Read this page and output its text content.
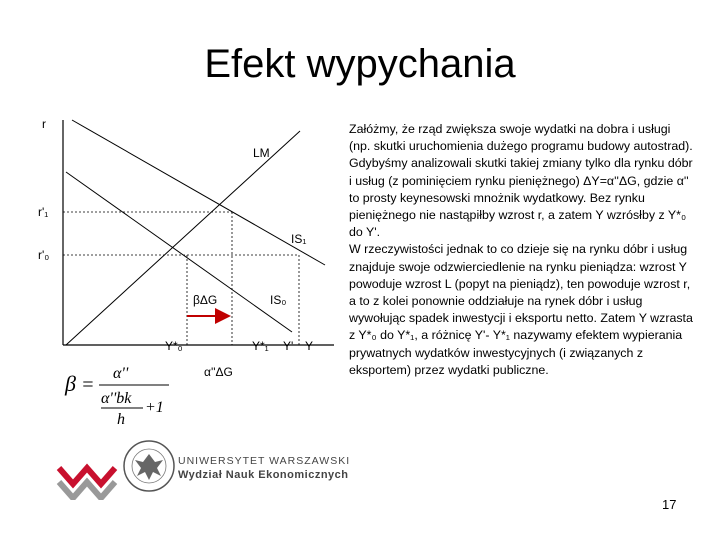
Efekt wypychania
r
LM
r'₁
r'₀
IS₁
IS₀
βΔG
Y*₀	Y*₁ Y' Y
α''ΔG
β =
α''
α''bk
h
+1

Załóżmy, że rząd zwiększa swoje wydatki na dobra i usługi (np. skutki uruchomienia dużego programu budowy autostrad).

Gdybyśmy analizowali skutki takiej zmiany tylko dla rynku dóbr i usług (z pominięciem rynku pieniężnego) ΔY=α''ΔG, gdzie α'' to prosty keynesowski mnożnik wydatkowy. Bez rynku pieniężnego nie nastąpiłby wzrost r, a zatem Y wzrósłby z Y*₀ do Y'.

W rzeczywistości jednak to co dzieje się na rynku dóbr i usług znajduje swoje odzwierciedlenie na rynku pieniądza: wzrost Y powoduje wzrost L (popyt na pieniądz), ten powoduje wzrost r, a to z kolei ponownie oddziałuje na rynek dóbr i usług wywołując spadek inwestycji i eksportu netto. Zatem Y wzrasta z Y*₀ do Y*₁, a różnicę Y'- Y*₁ nazywamy efektem wypierania prywatnych wydatków inwestycyjnych (i związanych z eksportem) przez wydatki publiczne.

UNIWERSYTET WARSZAWSKI
Wydział Nauk Ekonomicznych
17
